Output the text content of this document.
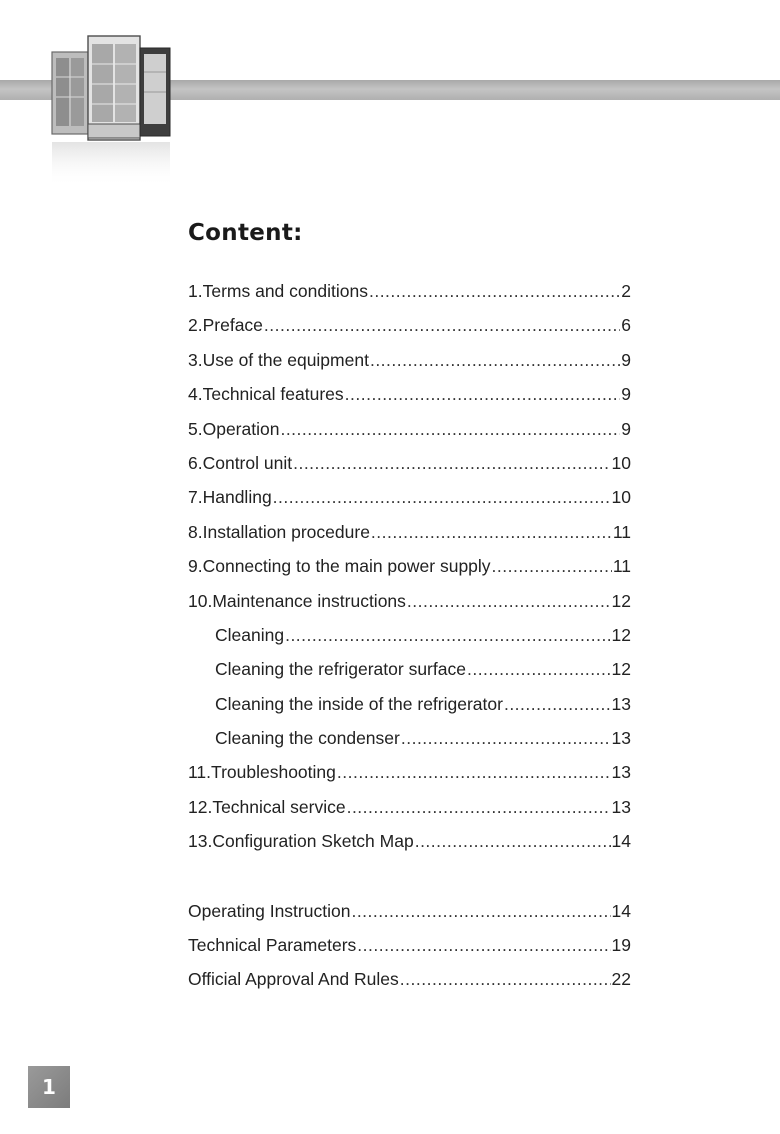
Content:
1.Terms and conditions .....	2
2.Preface .....	6
3.Use of the equipment .....	9
4.Technical features .....	9
5.Operation .....	9
6.Control unit .....	10
7.Handling .....	10
8.Installation procedure .....	11
9.Connecting to the main power supply .....	11
10.Maintenance instructions .....	12
Cleaning .....	12
Cleaning the refrigerator surface .....	12
Cleaning the inside of the refrigerator .....	13
Cleaning the condenser .....	13
11.Troubleshooting .....	13
12.Technical service .....	13
13.Configuration Sketch Map .....	14
Operating Instruction .....	14
Technical Parameters .....	19
Official Approval And Rules .....	22
1
